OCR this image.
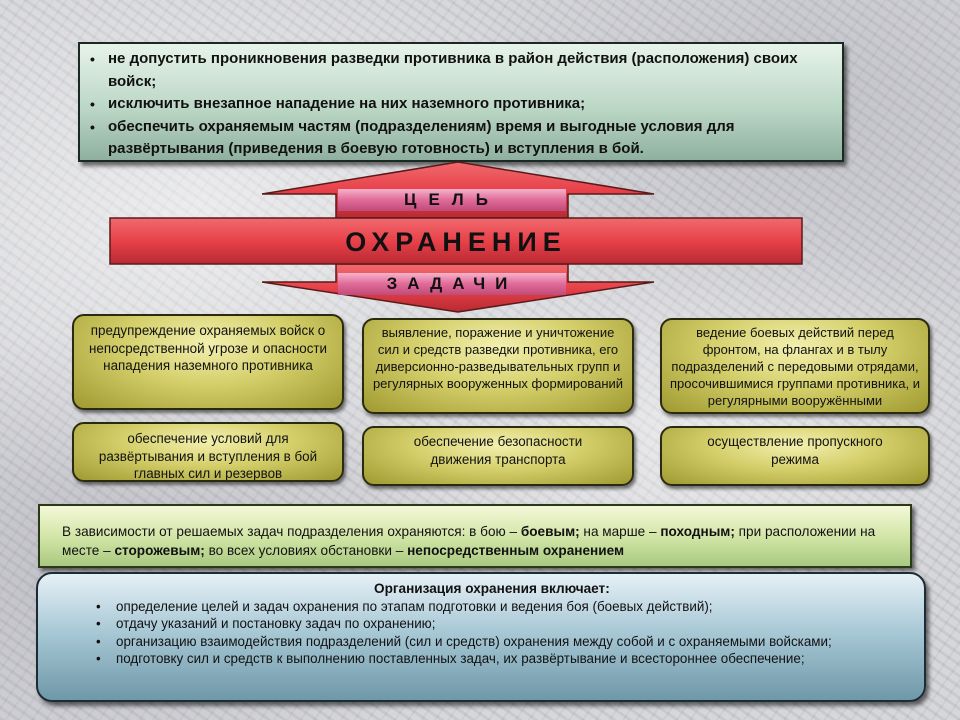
• не допустить проникновения разведки противника в район действия (расположения) своих войск;
• исключить внезапное нападение на них наземного противника;
• обеспечить охраняемым частям (подразделениям) время и выгодные условия для развёртывания (приведения в боевую готовность) и вступления в бой.
ЦЕЛЬ
ОХРАНЕНИЕ
ЗАДАЧИ
предупреждение охраняемых войск о непосредственной угрозе и опасности нападения наземного противника
выявление, поражение и уничтожение сил и средств разведки противника, его диверсионно-разведывательных групп и регулярных вооруженных формирований
ведение боевых действий перед фронтом, на флангах и в тылу подразделений с передовыми отрядами, просочившимися группами противника, и регулярными вооружёнными
обеспечение условий для развёртывания и вступления в бой главных сил и резервов
обеспечение безопасности движения транспорта
осуществление пропускного режима
В зависимости от решаемых задач подразделения охраняются: в бою – боевым; на марше – походным; при расположении на месте – сторожевым; во всех условиях обстановки – непосредственным охранением
Организация охранения включает:
• определение целей и задач охранения по этапам подготовки и ведения боя (боевых действий);
• отдачу указаний и постановку задач по охранению;
• организацию взаимодействия подразделений (сил и средств) охранения между собой и с охраняемыми войсками;
• подготовку сил и средств к выполнению поставленных задач, их развёртывание и всестороннее обеспечение;
